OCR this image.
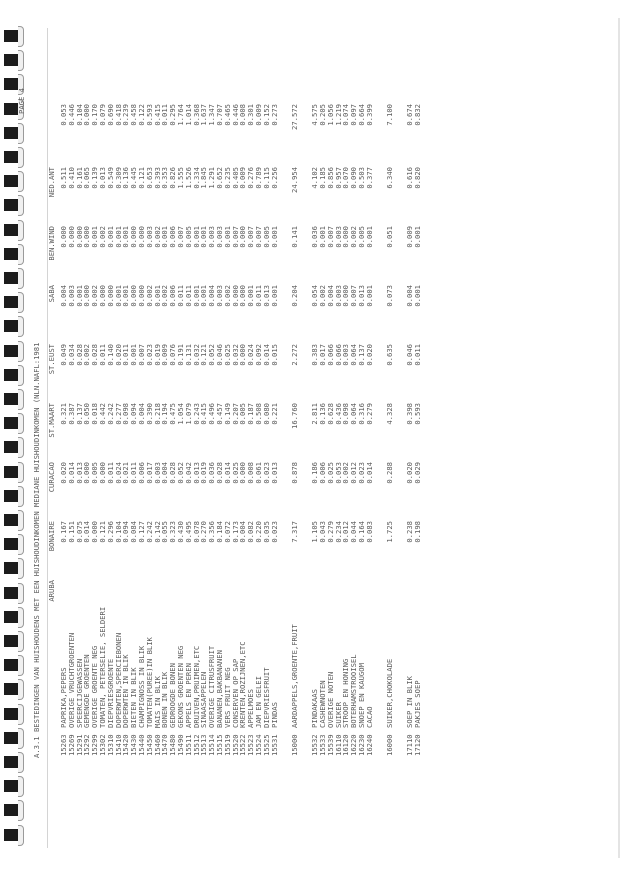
A.3.1 BESTEDINGEN VAN HUISHOUDENS MET EEN HUISHOUDINKOMEN MEDIANE HUISHOUDINKOMEN (NLN.NAFL:1981
PAGE 4
ARUBA
BONAIRE
CURACAO
ST.MAART
ST.EUST
SABA
BEN.WIND
NED.ANT
15263
PAPRIKA,PEPERS
0.167
0.020
0.321
0.049
0.004
0.000
0.511
0.053
15269
OVERIGE VRUCHTGROENTEN
0.151
0.014
0.387
0.034
0.003
0.000
0.410
0.446
15291
SPEERCIJGEWASSEN
0.075
0.013
0.137
0.028
0.001
0.000
0.161
0.104
15292
GEMENGDE GROENTEN
0.014
0.000
0.050
0.002
0.000
0.000
0.065
0.000
15299
OVERIGE GROENTE NEG
0.000
0.005
0.018
0.028
0.002
0.001
0.139
0.170
15302
TOMATEN, PETERSELIE, SELDERI
0.121
0.000
0.442
0.011
0.000
0.002
0.013
0.079
15310
DIEPVRIESGROENTE
0.296
0.011
0.242
0.140
0.000
0.001
0.549
0.690
15410
DOPERWTEN,SPERCIEBONEN
0.104
0.024
0.277
0.020
0.001
0.001
0.309
0.418
15420
DOPERWTEN IN BLIK
0.094
0.021
0.098
0.011
0.001
0.001
0.136
0.239
15430
BIETEN IN BLIK
0.084
0.011
0.094
0.001
0.000
0.000
0.445
0.458
15440
CHAMPIGNOSS IN BLIK
0.127
0.006
0.004
0.007
0.000
0.000
0.121
0.122
15450
TOMATEN(PUREE)IN BLIK
0.242
0.017
0.390
0.023
0.002
0.003
0.653
0.593
15460
MAIS IN BLIK
0.142
0.003
0.218
0.019
0.001
0.002
0.393
0.415
15470
BONEN IN BLIK
0.055
0.004
0.194
0.009
0.002
0.001
0.353
0.011
15480
GEDROOGDE BONEN
0.323
0.028
0.475
0.076
0.006
0.006
0.826
0.295
15490
GEKONS GROENTEN NEG
0.430
0.052
1.054
0.191
0.011
0.007
1.555
1.764
15511
APPELS EN PEREN
0.495
0.042
1.079
0.131
0.011
0.005
1.526
1.014
15512
DRUIVEN,PRUIMEN,ETC
0.078
0.013
0.243
0.032
0.001
0.001
0.334
0.368
15513
SINAASAPPELEN
0.270
0.019
0.415
0.121
0.001
0.001
1.845
1.637
15514
OVERIGE CITRUSFRUIT
0.356
0.036
0.496
0.052
0.004
0.003
1.291
1.347
15515
BANANEN,BAKBANANEN
0.184
0.028
0.457
0.046
0.003
0.003
0.652
0.707
15519
VERS FRUIT NEG
0.072
0.014
0.149
0.025
0.002
0.001
0.235
0.465
15520
CONSERVEN OP SAP
0.173
0.025
0.207
0.032
0.000
0.007
0.405
0.446
15522
KRENTEN,ROZIJNEN,ETC
0.004
0.000
0.005
0.000
0.000
0.000
0.009
0.008
15523
APPELMOES
0.082
0.008
0.187
0.024
0.001
0.007
0.276
0.301
15524
JAM EN GELEI
0.220
0.061
0.508
0.092
0.011
0.007
0.789
0.009
15525
DIEPVRIESFRUIT
0.035
0.023
0.080
0.014
0.013
0.005
0.115
0.152
15531
PINDAS
0.023
0.013
0.221
0.015
0.001
0.001
0.256
0.273
15000
AARDAPPELS,GROENTE,FRUIT
7.317
0.878
16.760
2.272
0.204
0.141
24.954
27.572
15532
PINDAKAAS
1.105
0.186
2.811
0.383
0.054
0.036
4.102
4.575
15533
CASHEWNOTEN
0.043
0.006
0.136
0.017
0.002
0.001
0.185
0.205
15539
OVERIGE NOTEN
0.279
0.025
0.628
0.066
0.004
0.007
0.856
1.056
16110
SUIKER
0.234
0.053
0.436
0.066
0.003
0.003
0.957
1.219
16120
STROOP EN HONING
0.012
0.002
0.098
0.003
0.000
0.000
0.070
0.074
16220
BOTERHAMSTROOISEL
0.044
0.012
0.064
0.064
0.007
0.002
0.090
0.097
16230
SNOEP EN KAUGOM
0.164
0.023
0.316
0.137
0.013
0.005
0.503
0.664
16240
CACAO
0.083
0.014
0.279
0.020
0.001
0.001
0.377
0.399
16000
SUIKER,CHOKOLADE
1.725
0.288
4.328
0.635
0.073
0.051
6.340
7.100
17110
SOEP IN BLIK
0.238
0.020
0.398
0.046
0.004
0.009
0.616
0.674
17120
PAKJES SOEP
0.198
0.029
0.593
0.011
0.001
0.001
0.820
0.832
